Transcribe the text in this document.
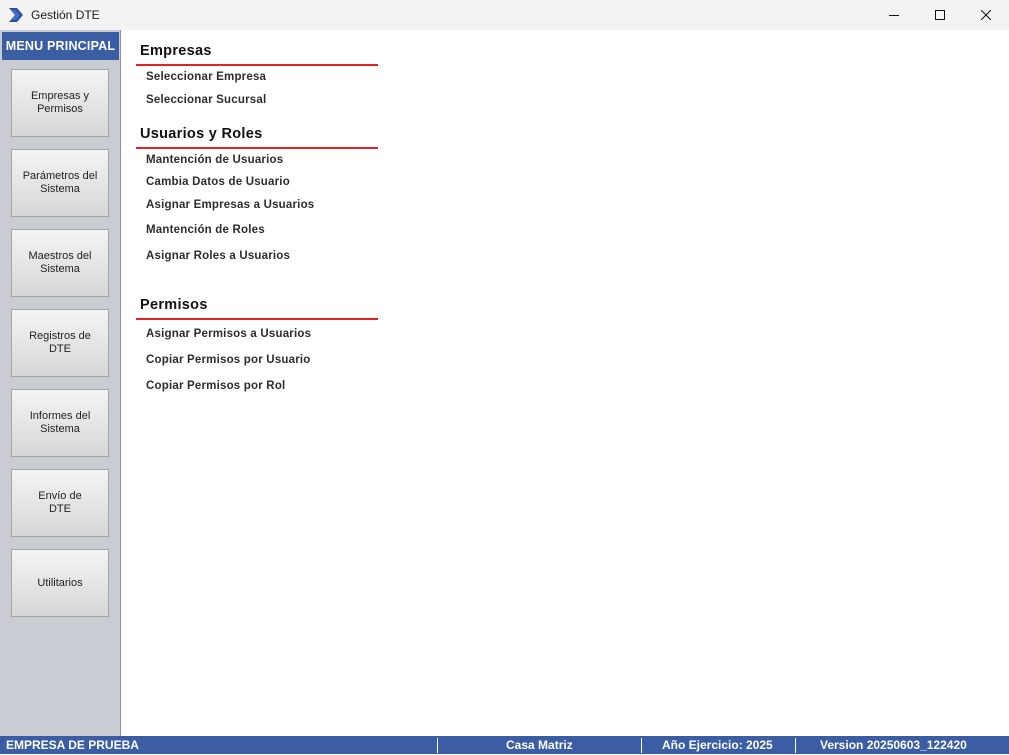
Gestión DTE
MENU PRINCIPAL
Empresas y
Permisos
Parámetros del
Sistema
Maestros del
Sistema
Registros de
DTE
Informes del
Sistema
Envío de
DTE
Utilitarios
Empresas
Seleccionar Empresa
Seleccionar Sucursal
Usuarios y Roles
Mantención de Usuarios
Cambia Datos de Usuario
Asignar Empresas a Usuarios
Mantención de Roles
Asignar Roles a Usuarios
Permisos
Asignar Permisos a Usuarios
Copiar Permisos por Usuario
Copiar Permisos por Rol
EMPRESA DE PRUEBA	Casa Matriz	Año Ejercicio: 2025	Version 20250603_122420
